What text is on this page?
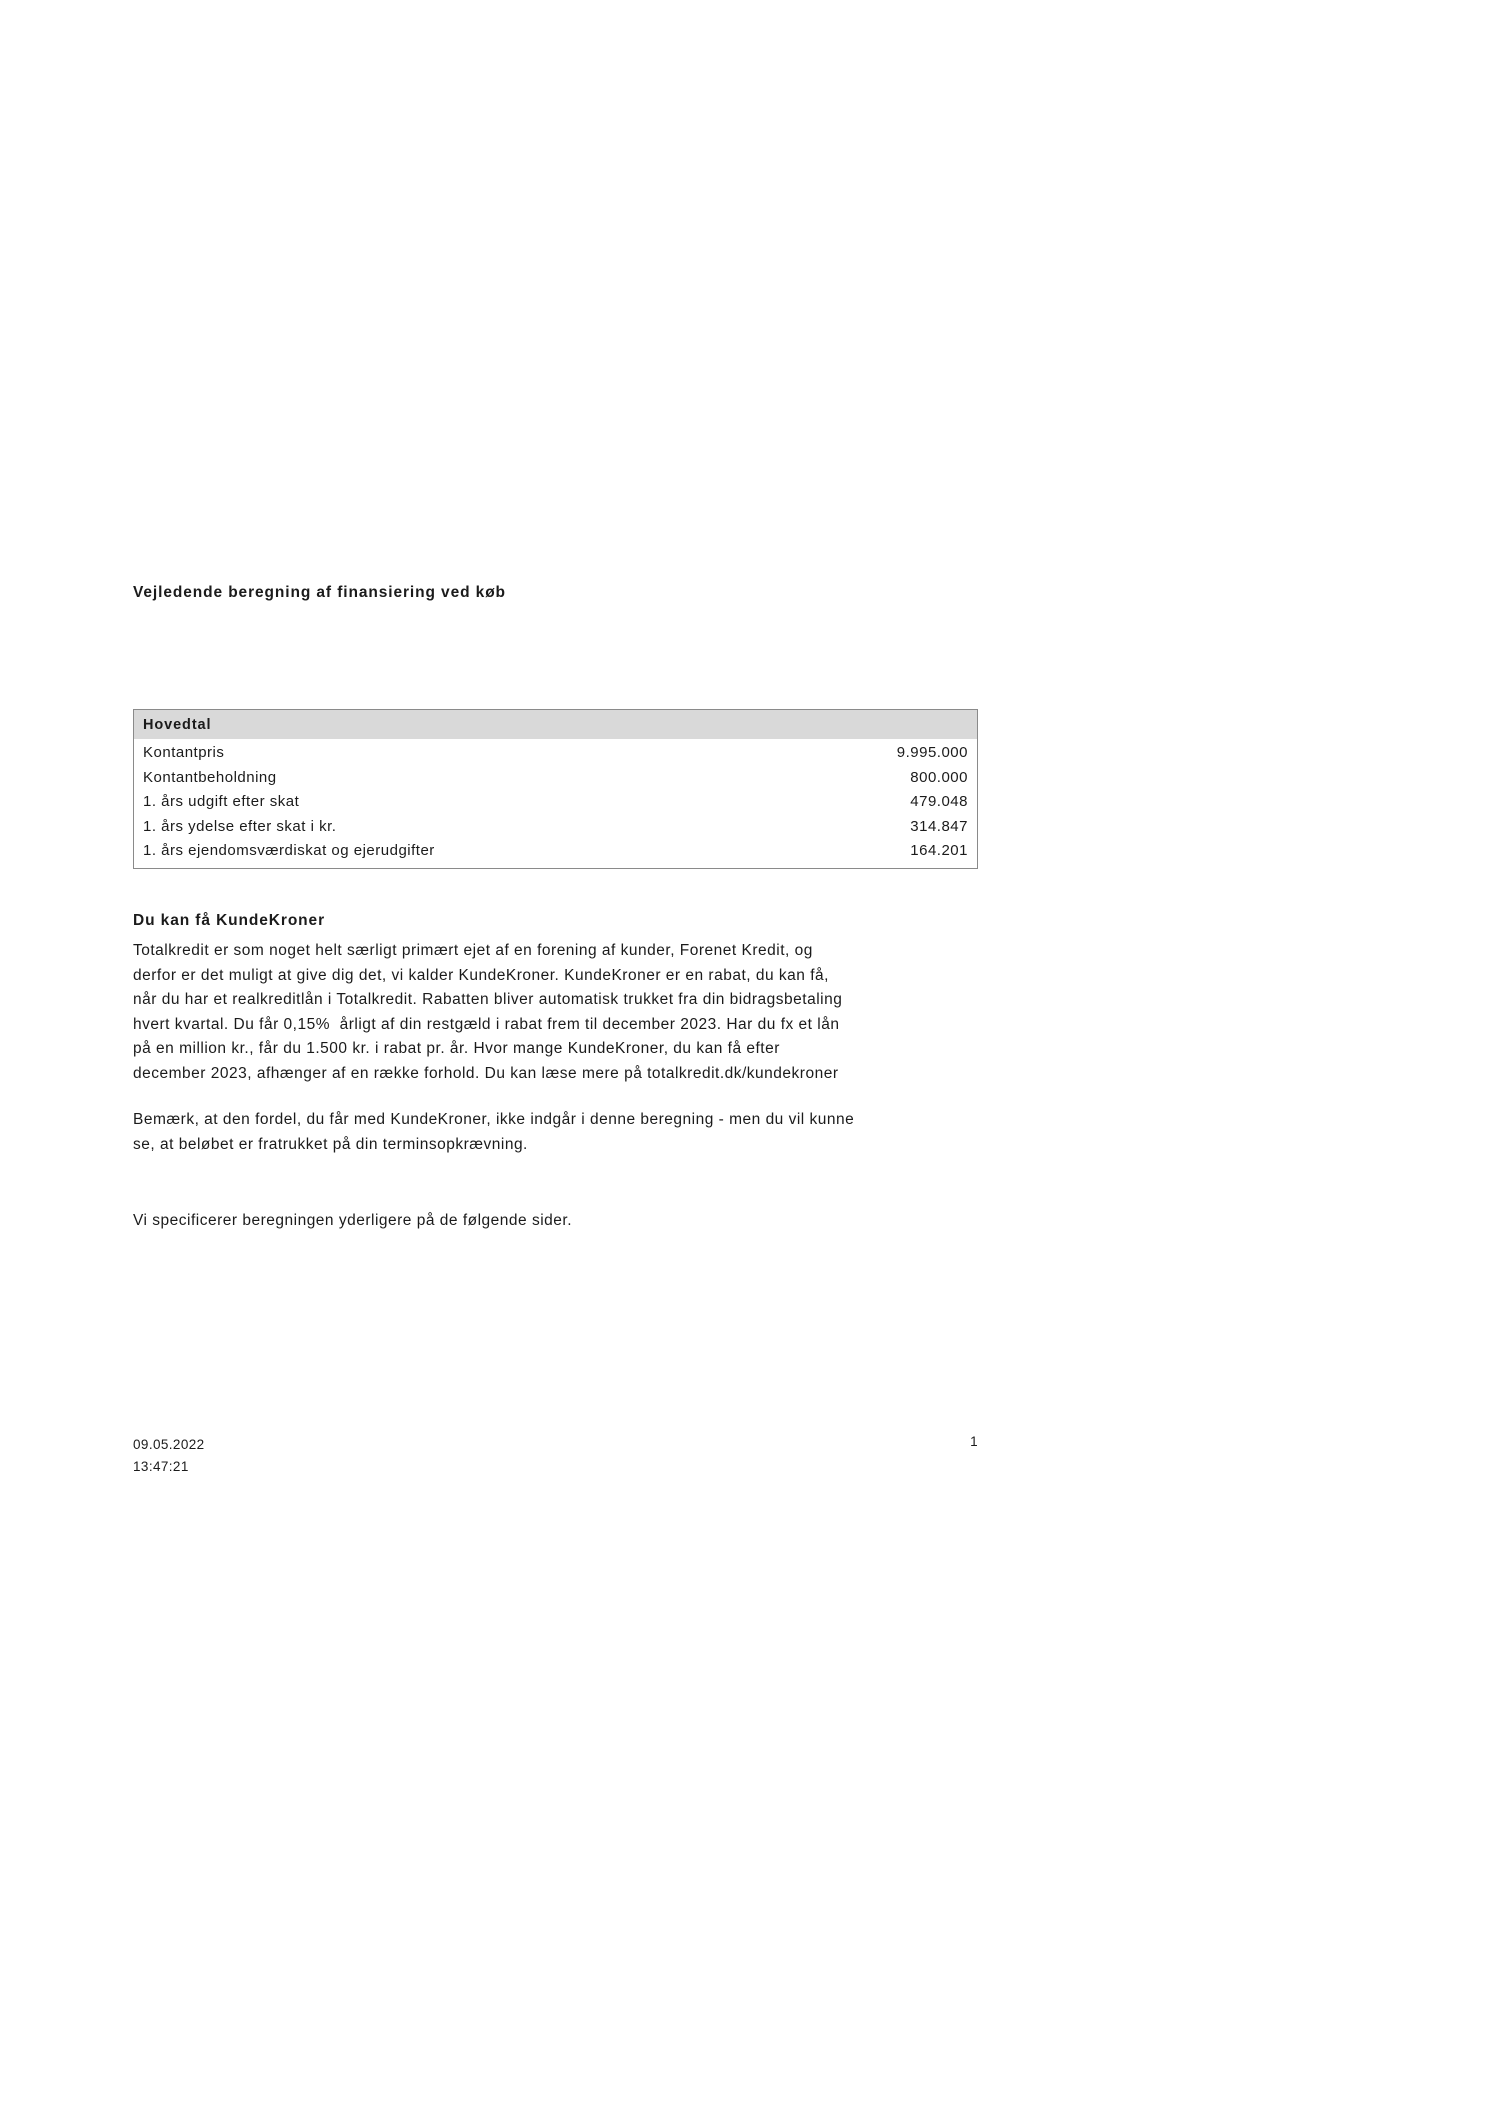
Vejledende beregning af finansiering ved køb
Hovedtal
Kontantpris	9.995.000
Kontantbeholdning	800.000
1. års udgift efter skat	479.048
1. års ydelse efter skat i kr.	314.847
1. års ejendomsværdiskat og ejerudgifter	164.201
Du kan få KundeKroner
Totalkredit er som noget helt særligt primært ejet af en forening af kunder, Forenet Kredit, og
derfor er det muligt at give dig det, vi kalder KundeKroner. KundeKroner er en rabat, du kan få,
når du har et realkreditlån i Totalkredit. Rabatten bliver automatisk trukket fra din bidragsbetaling
hvert kvartal. Du får 0,15%  årligt af din restgæld i rabat frem til december 2023. Har du fx et lån
på en million kr., får du 1.500 kr. i rabat pr. år. Hvor mange KundeKroner, du kan få efter
december 2023, afhænger af en række forhold. Du kan læse mere på totalkredit.dk/kundekroner
Bemærk, at den fordel, du får med KundeKroner, ikke indgår i denne beregning - men du vil kunne
se, at beløbet er fratrukket på din terminsopkrævning.
Vi specificerer beregningen yderligere på de følgende sider.
09.05.2022
13:47:21
1
